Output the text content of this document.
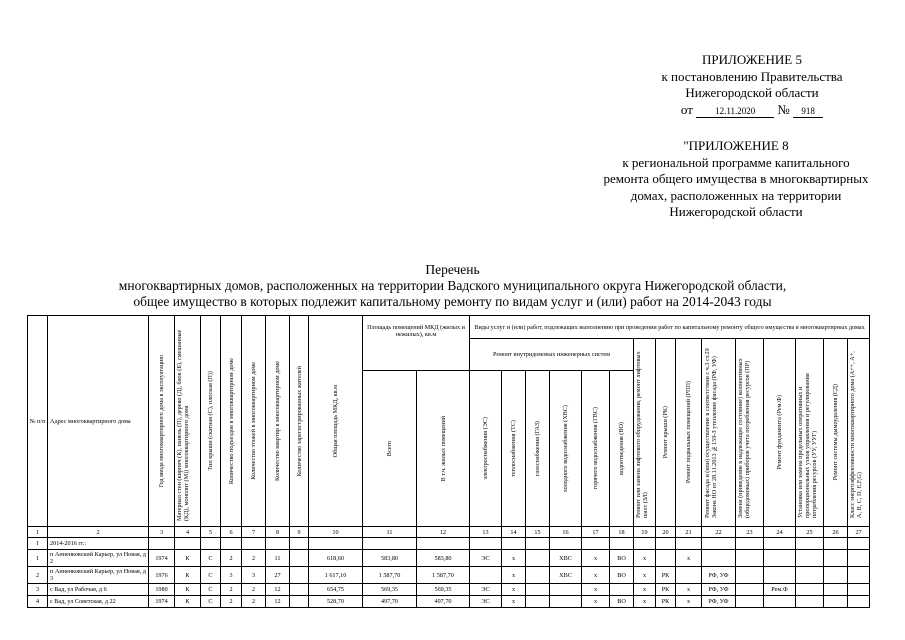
ПРИЛОЖЕНИЕ 5
к постановлению Правительства
Нижегородской области
от 12.11.2020 № 918
"ПРИЛОЖЕНИЕ 8
к региональной программе капитального
ремонта общего имущества в многоквартирных
домах, расположенных на территории
Нижегородской области
Перечень
многоквартирных домов, расположенных на территории Вадского муниципального округа Нижегородской области,
общее имущество в которых подлежит капитальному ремонту по видам услуг и (или) работ на 2014-2043 годы
№ п/п	Адрес многоквартирного дома	Год ввода многоквартирного дома в эксплуатацию	Материал стен (кирпич (К), панель (П), дерево (Д), блок (Б), смешанные (КД), монолит (М)) многоквартирного дома	Тип крыши (скатная (С), плоская (П))	Количество подъездов в многоквартирном доме	Количество этажей в многоквартирном доме	Количество квартир в многоквартирном доме	Количество зарегистрированных жителей	Общая площадь МКД, кв.м	Площадь помещений МКД (жилых и нежилых), кв.м		Виды услуг и (или) работ, подлежащих выполнению при проведении работ по капитальному ремонту общего имущества в многоквартирных домах														
												Ремонт внутридомовых инженерных систем						Ремонт или замена лифтового оборудования, ремонт лифтовых шахт (ЗЛ)	Ремонт крыши (РК)	Ремонт подвальных помещений (РПП)	Ремонт фасада и (или) осуществление в соответствии с ч.3 ст.29 Закона НО от 28.11.2013 №159-З утепление фасада (РФ, УФ)	Замена (приведение в надлежащее состояние) коллективных (общедомовых) приборов учета потребления ресурсов (ПР)	Ремонт фундамента (Рем.Ф)	Установка или замена предельных оперативных и пропорциональных узлов управления и регулирования потребления ресурсов (УУ, УУГ)	Ремонт системы дымоудаления (СД)	Класс энергоэффективности многоквартирного дома (А++, А+, А, В, С, D, E,F,G)

										Всего	В т.ч. жилых помещений	электроснабжения (ЭС)	теплоснабжения (ТС)	газоснабжения (ГАЗ)	холодного водоснабжения (ХВС)	горячего водоснабжения (ГВС)	водоотведения (ВО)									

1	2	3	4	5	6	7	8	9	10	11	12	13	14	15	16	17	18	19	20	21	22	23	24	25	26	27
I	2014-2016 гг.:																									
1	п Анненковский Карьер, ул Новая, д 2	1974	К	С	2	2	11		618,60	583,80	583,80	ЭС	х		ХВС	х	ВО	х		х						
2	п Анненковский Карьер, ул Новая, д 3	1976	К	С	3	3	27		1 617,10	1 587,70	1 587,70		х		ХВС	х	ВО	х	РК		РФ, УФ					
3	с Вад, ул Рабочая, д 6	1980	К	С	2	2	12		654,75	569,35	569,35	ЭС	х			х		х	РК	х	РФ, УФ		Рем.Ф			
4	с Вад, ул Советская, д 22	1974	К	С	2	2	12		528,70	497,70	497,70	ЭС	х			х	ВО	х	РК	х	РФ, УФ					
